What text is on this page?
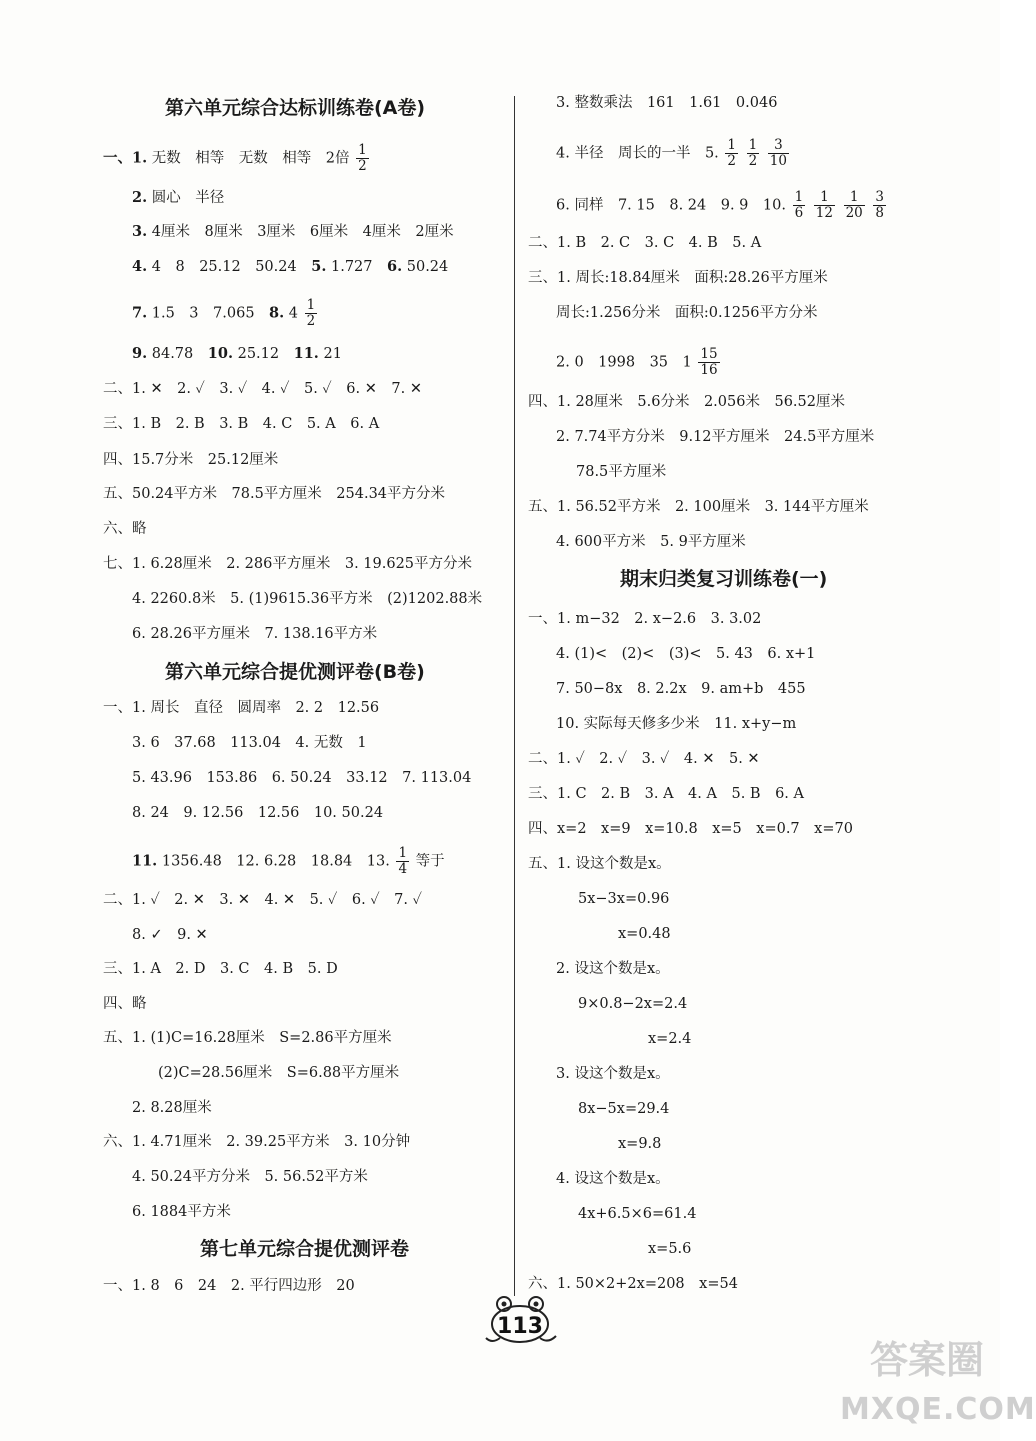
第六单元综合达标训练卷(A卷)
一、1. 无数　相等　无数　相等　2倍 $\frac{1}{2}$
2. 圆心　半径
3. 4厘米　8厘米　3厘米　6厘米　4厘米　2厘米
4. 4　8　25.12　50.24　 5. 1.727　 6. 50.24
7. 1.5　3　7.065　 8. $4 \frac{1}{2}$
9. 84.78　 10. 25.12　 11. 21
二、1. ✕　2. ✓　3. ✓　4. ✓　5. ✓　6. ✕　7. ✕
三、1. B　2. B　3. B　4. C　5. A　6. A
四、15.7分米　25.12厘米
五、50.24平方米　78.5平方厘米　254.34平方分米
六、略
七、1. 6.28厘米　2. 286平方厘米　3. 19.625平方分米
4. 2260.8米　5. (1)9615.36平方米　(2)1202.88米
6. 28.26平方厘米　7. 138.16平方米
第六单元综合提优测评卷(B卷)
一、1. 周长　直径　圆周率　2. 2　12.56
3. 6　37.68　113.04　4. 无数　1
5. 43.96　153.86　6. 50.24　33.12　7. 113.04
8. 24　9. 12.56　12.56　10. 50.24
11. 1356.48　12. 6.28　18.84　13. $\frac{1}{4}$ 等于
二、1. ✓　2. ✕　3. ✕　4. ✕　5. ✓　6. ✓　7. ✓
8. ✓　9. ✕
三、1. A　2. D　3. C　4. B　5. D
四、略
五、1. (1)C=16.28厘米　S=2.86平方厘米
(2)C=28.56厘米　S=6.88平方厘米
2. 8.28厘米
六、1. 4.71厘米　2. 39.25平方米　3. 10分钟
4. 50.24平方分米　5. 56.52平方米
6. 1884平方米
第七单元综合提优测评卷
一、1. 8　6　24　2. 平行四边形　20
3. 整数乘法　161　1.61　0.046
4. 半径　周长的一半　5. $\frac{1}{2}$
$\frac{1}{2}$
$\frac{3}{10}$
6. 同样　7. 15　8. 24　9. 9　10. $\frac{1}{6}$
$\frac{1}{12}$
$\frac{1}{20}$
$\frac{3}{8}$
二、1. B　2. C　3. C　4. B　5. A
三、1. 周长:18.84厘米　面积:28.26平方厘米
周长:1.256分米　面积:0.1256平方分米
2. 0　1998　35　$1 \frac{15}{16}$
四、1. 28厘米　5.6分米　2.056米　56.52厘米
2. 7.74平方分米　9.12平方厘米　24.5平方厘米
78.5平方厘米
五、1. 56.52平方米　2. 100厘米　3. 144平方厘米
4. 600平方米　5. 9平方厘米
期末归类复习训练卷(一)
一、1. m−32　2. x−2.6　3. 3.02
4. (1)<　(2)<　(3)<　5. 43　6. x+1
7. 50−8x　8. 2.2x　9. am+b　455
10. 实际每天修多少米　11. x+y−m
二、1. ✓　2. ✓　3. ✓　4. ✕　5. ✕
三、1. C　2. B　3. A　4. A　5. B　6. A
四、x=2　x=9　x=10.8　x=5　x=0.7　x=70
五、1. 设这个数是x。
5x−3x=0.96
x=0.48
2. 设这个数是x。
9×0.8−2x=2.4
x=2.4
3. 设这个数是x。
8x−5x=29.4
x=9.8
4. 设这个数是x。
4x+6.5×6=61.4
x=5.6
六、1. 50×2+2x=208　x=54
113
答案圈
MXQE.COM
